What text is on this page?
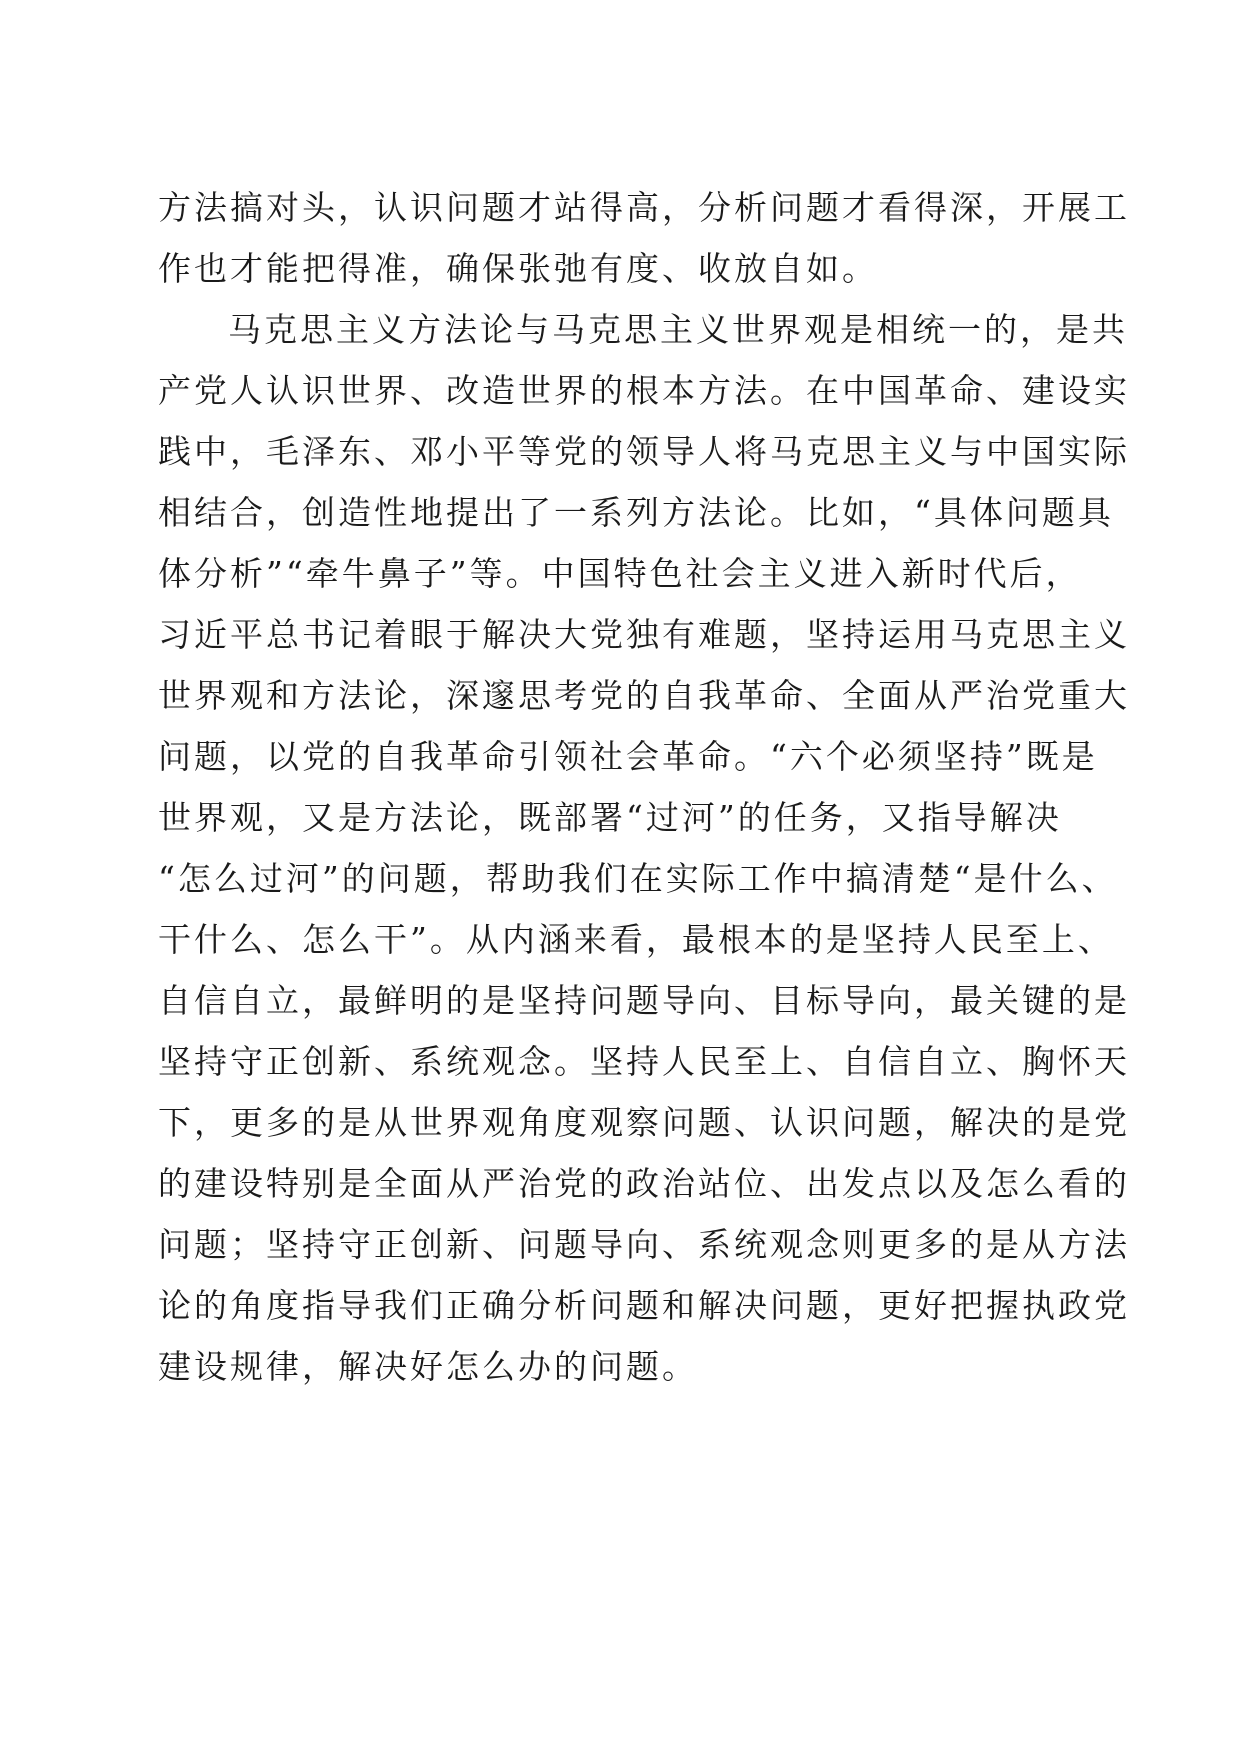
方法搞对头，认识问题才站得高，分析问题才看得深，开展工
作也才能把得准，确保张弛有度、收放自如。
马克思主义方法论与马克思主义世界观是相统一的，是共
产党人认识世界、改造世界的根本方法。在中国革命、建设实
践中，毛泽东、邓小平等党的领导人将马克思主义与中国实际
相结合，创造性地提出了一系列方法论。比如，“具体问题具
体分析”“牵牛鼻子”等。中国特色社会主义进入新时代后，
习近平总书记着眼于解决大党独有难题，坚持运用马克思主义
世界观和方法论，深邃思考党的自我革命、全面从严治党重大
问题，以党的自我革命引领社会革命。“六个必须坚持”既是
世界观，又是方法论，既部署“过河”的任务，又指导解决
“怎么过河”的问题，帮助我们在实际工作中搞清楚“是什么、
干什么、怎么干”。从内涵来看，最根本的是坚持人民至上、
自信自立，最鲜明的是坚持问题导向、目标导向，最关键的是
坚持守正创新、系统观念。坚持人民至上、自信自立、胸怀天
下，更多的是从世界观角度观察问题、认识问题，解决的是党
的建设特别是全面从严治党的政治站位、出发点以及怎么看的
问题；坚持守正创新、问题导向、系统观念则更多的是从方法
论的角度指导我们正确分析问题和解决问题，更好把握执政党
建设规律，解决好怎么办的问题。
